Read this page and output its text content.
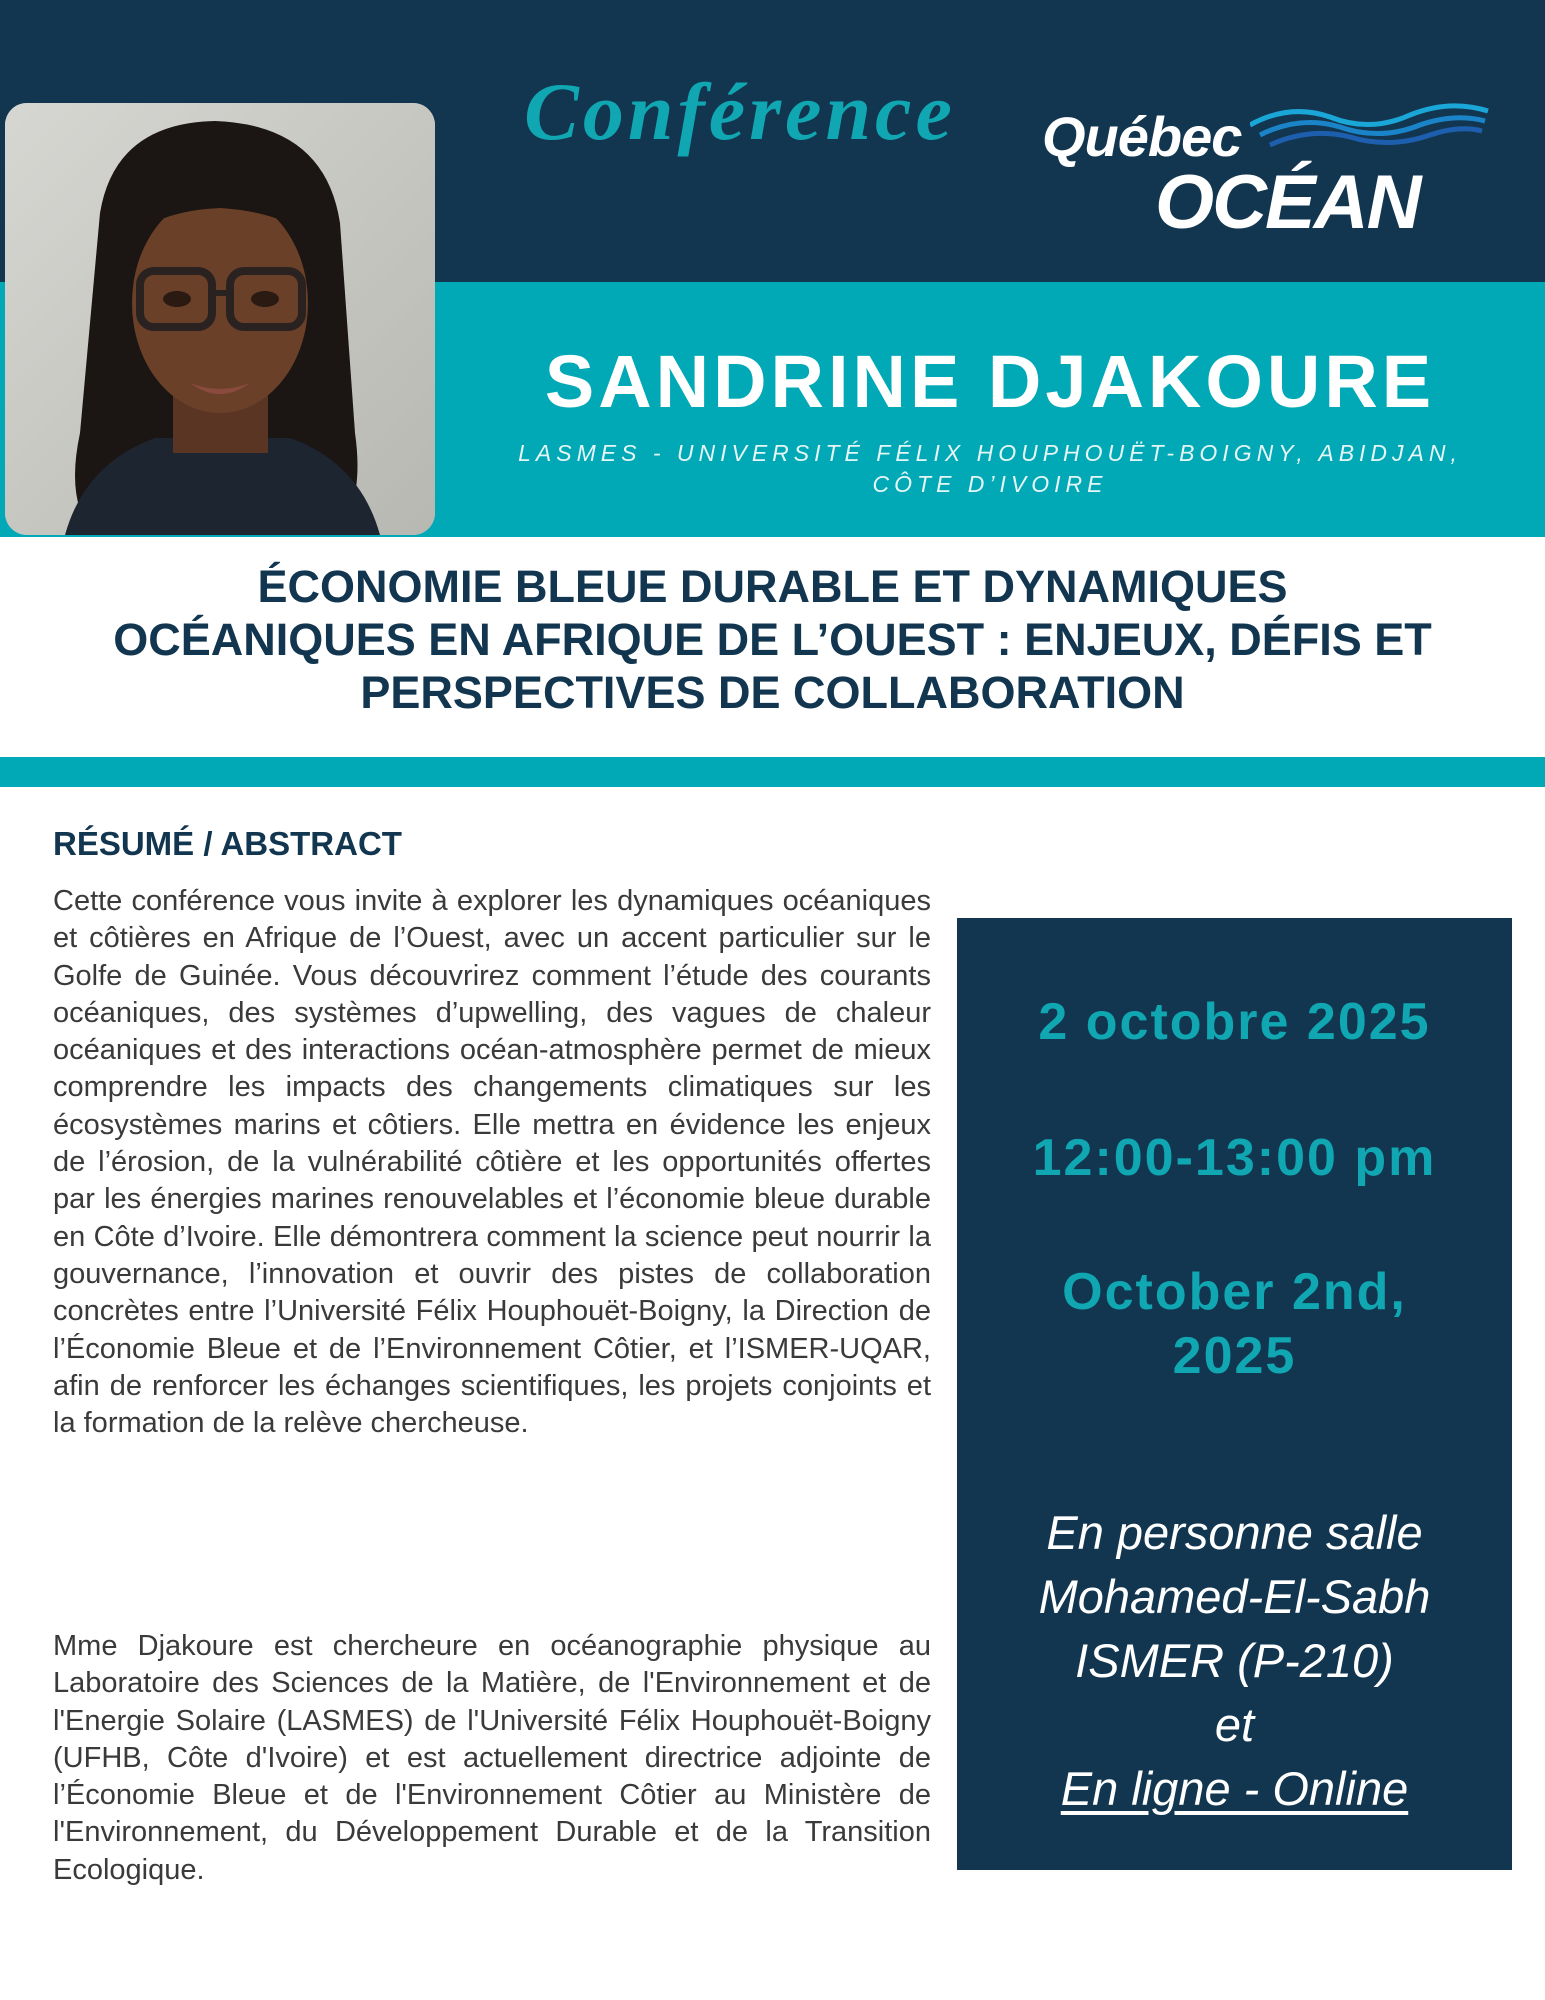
Conférence	Québec
OCÉAN
SANDRINE DJAKOURE
LASMES - UNIVERSITÉ FÉLIX HOUPHOUËT-BOIGNY, ABIDJAN,
CÔTE D’IVOIRE
ÉCONOMIE BLEUE DURABLE ET DYNAMIQUES
OCÉANIQUES EN AFRIQUE DE L’OUEST : ENJEUX, DÉFIS ET
PERSPECTIVES DE COLLABORATION
RÉSUMÉ / ABSTRACT

Cette conférence vous invite à explorer les dynamiques océaniques et côtières en Afrique de l’Ouest, avec un accent particulier sur le Golfe de Guinée. Vous découvrirez comment l’étude des courants océaniques, des systèmes d’upwelling, des vagues de chaleur océaniques et des interactions océan-atmosphère permet de mieux comprendre les impacts des changements climatiques sur les écosystèmes marins et côtiers. Elle mettra en évidence les enjeux de l’érosion, de la vulnérabilité côtière et les opportunités offertes par les énergies marines renouvelables et l’économie bleue durable en Côte d’Ivoire. Elle démontrera comment la science peut nourrir la gouvernance, l’innovation et ouvrir des pistes de collaboration concrètes entre l’Université Félix Houphouët-Boigny, la Direction de l’Économie Bleue et de l’Environnement Côtier, et l’ISMER-UQAR, afin de renforcer les échanges scientifiques, les projets conjoints et la formation de la relève chercheuse.

Mme Djakoure est chercheure en océanographie physique au Laboratoire des Sciences de la Matière, de l'Environnement et de l'Energie Solaire (LASMES) de l'Université Félix Houphouët-Boigny (UFHB, Côte d'Ivoire) et est actuellement directrice adjointe de l’Économie Bleue et de l'Environnement Côtier au Ministère de l'Environnement, du Développement Durable et de la Transition Ecologique.

2 octobre 2025
12:00-13:00 pm
October 2nd,
2025
En personne salle
Mohamed-El-Sabh
ISMER (P-210)
et
En ligne - Online
